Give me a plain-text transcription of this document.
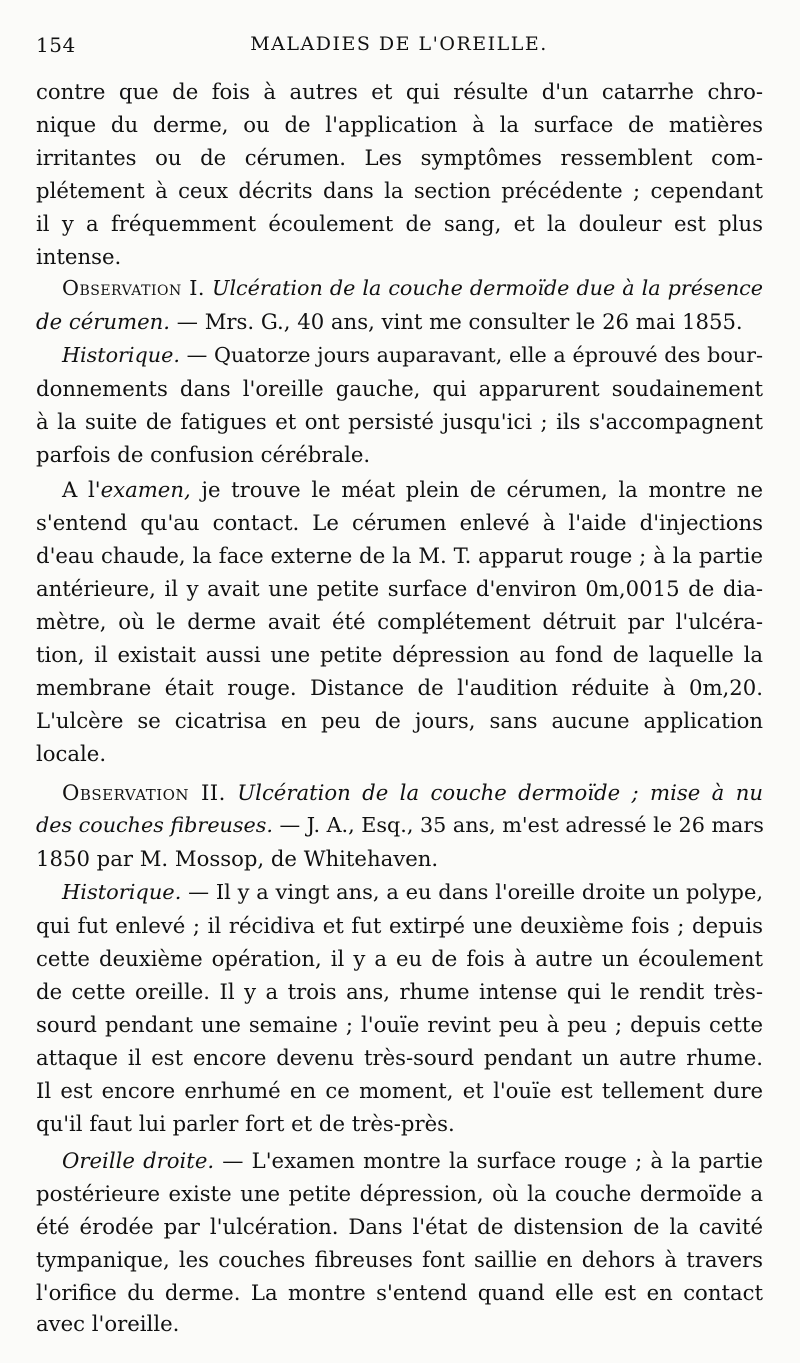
154	MALADIES DE L'OREILLE.
contre que de fois à autres et qui résulte d'un catarrhe chro-
nique du derme, ou de l'application à la surface de matières
irritantes ou de cérumen. Les symptômes ressemblent com-
plétement à ceux décrits dans la section précédente ; cependant
il y a fréquemment écoulement de sang, et la douleur est plus
intense.
Observation I. Ulcération de la couche dermoïde due à la présence
de cérumen. — Mrs. G., 40 ans, vint me consulter le 26 mai 1855.
Historique. — Quatorze jours auparavant, elle a éprouvé des bour-
donnements dans l'oreille gauche, qui apparurent soudainement
à la suite de fatigues et ont persisté jusqu'ici ; ils s'accompagnent
parfois de confusion cérébrale.
A l'examen, je trouve le méat plein de cérumen, la montre ne
s'entend qu'au contact. Le cérumen enlevé à l'aide d'injections
d'eau chaude, la face externe de la M. T. apparut rouge ; à la partie
antérieure, il y avait une petite surface d'environ 0m,0015 de dia-
mètre, où le derme avait été complétement détruit par l'ulcéra-
tion, il existait aussi une petite dépression au fond de laquelle la
membrane était rouge. Distance de l'audition réduite à 0m,20.
L'ulcère se cicatrisa en peu de jours, sans aucune application
locale.
Observation II. Ulcération de la couche dermoïde ; mise à nu
des couches fibreuses. — J. A., Esq., 35 ans, m'est adressé le 26 mars
1850 par M. Mossop, de Whitehaven.
Historique. — Il y a vingt ans, a eu dans l'oreille droite un polype,
qui fut enlevé ; il récidiva et fut extirpé une deuxième fois ; depuis
cette deuxième opération, il y a eu de fois à autre un écoulement
de cette oreille. Il y a trois ans, rhume intense qui le rendit très-
sourd pendant une semaine ; l'ouïe revint peu à peu ; depuis cette
attaque il est encore devenu très-sourd pendant un autre rhume.
Il est encore enrhumé en ce moment, et l'ouïe est tellement dure
qu'il faut lui parler fort et de très-près.
Oreille droite. — L'examen montre la surface rouge ; à la partie
postérieure existe une petite dépression, où la couche dermoïde a
été érodée par l'ulcération. Dans l'état de distension de la cavité
tympanique, les couches fibreuses font saillie en dehors à travers
l'orifice du derme. La montre s'entend quand elle est en contact
avec l'oreille.
